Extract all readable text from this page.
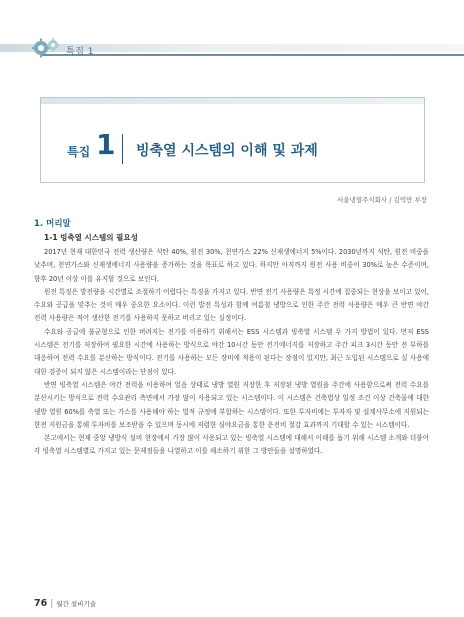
특집 1
특집 1 빙축열 시스템의 이해 및 과제
서울냉열주식회사 / 김억만 부장
1. 머리말
1-1 빙축열 시스템의 필요성

2017년 현재 대한민국 전력 생산량은 석탄 40%, 원전 30%, 천연가스 22% 신재생에너지 5%이다. 2030년까지 석탄, 원전 비중을 낮추며, 천연가스와 신재생에너지 사용량을 증가하는 것을 목표로 하고 있다. 하지만 아직까지 원전 사용 비중이 30%로 높은 수준이며, 향후 20년 이상 이를 유지할 것으로 보인다.

원전 특징은 발전량을 시간별로 조절하기 어렵다는 특징을 가지고 있다. 반면 전기 사용량은 특정 시간에 집중되는 현상을 보이고 있어, 수요와 공급을 맞추는 것이 매우 중요한 요소이다. 이런 발전 특성과 함께 여름철 냉방으로 인한 주간 전력 사용량은 매우 큰 반면 야간 전력 사용량은 적어 생산한 전기를 사용하지 못하고 버리고 있는 실정이다.

수요와 공급에 불균형으로 인한 버려지는 전기를 이용하기 위해서는 ESS 시스템과 빙축열 시스템 두 가지 방법이 있다. 먼저 ESS 시스템은 전기를 저장하여 필요한 시간에 사용하는 방식으로 야간 10시간 동안 전기에너지를 저장하고 주간 피크 3시간 동안 전 부하를 대응하여 전력 수요를 분산하는 방식이다. 전기를 사용하는 모든 장비에 적용이 된다는 장점이 있지만, 최근 도입된 시스템으로 실 사용에 대한 검증이 되지 않은 시스템이라는 단점이 있다.

반면 빙축열 시스템은 야간 전력을 이용하여 얼음 상태로 냉방 열원 저장한 후 저장된 냉방 열원을 주간에 사용함으로써 전력 수요를 분산시키는 방식으로 전력 수요관리 측면에서 가장 많이 사용되고 있는 시스템이다. 이 시스템은 건축법상 일정 조건 이상 건축물에 대한 냉방 열원 60%를 축열 또는 가스를 사용해야 하는 법적 규정에 부합하는 시스템이다. 또한 투자비에는 투자자 및 설계사무소에 지원되는 한전 지원금을 통해 투자비를 보조받을 수 있으며 동시에 저렴한 심야요금을 통한 운전비 절감 효과까지 기대할 수 있는 시스템이다.

본고에서는 현재 중앙 냉방식 설비 현장에서 가장 많이 사용되고 있는 빙축열 시스템에 대해서 이해를 돕기 위해 시스템 소개와 더불어 각 빙축열 시스템별로 가지고 있는 문제점들을 나열하고 이를 해소하기 위한 그 방안들을 설명하였다.

76 | 월간 설비기술
